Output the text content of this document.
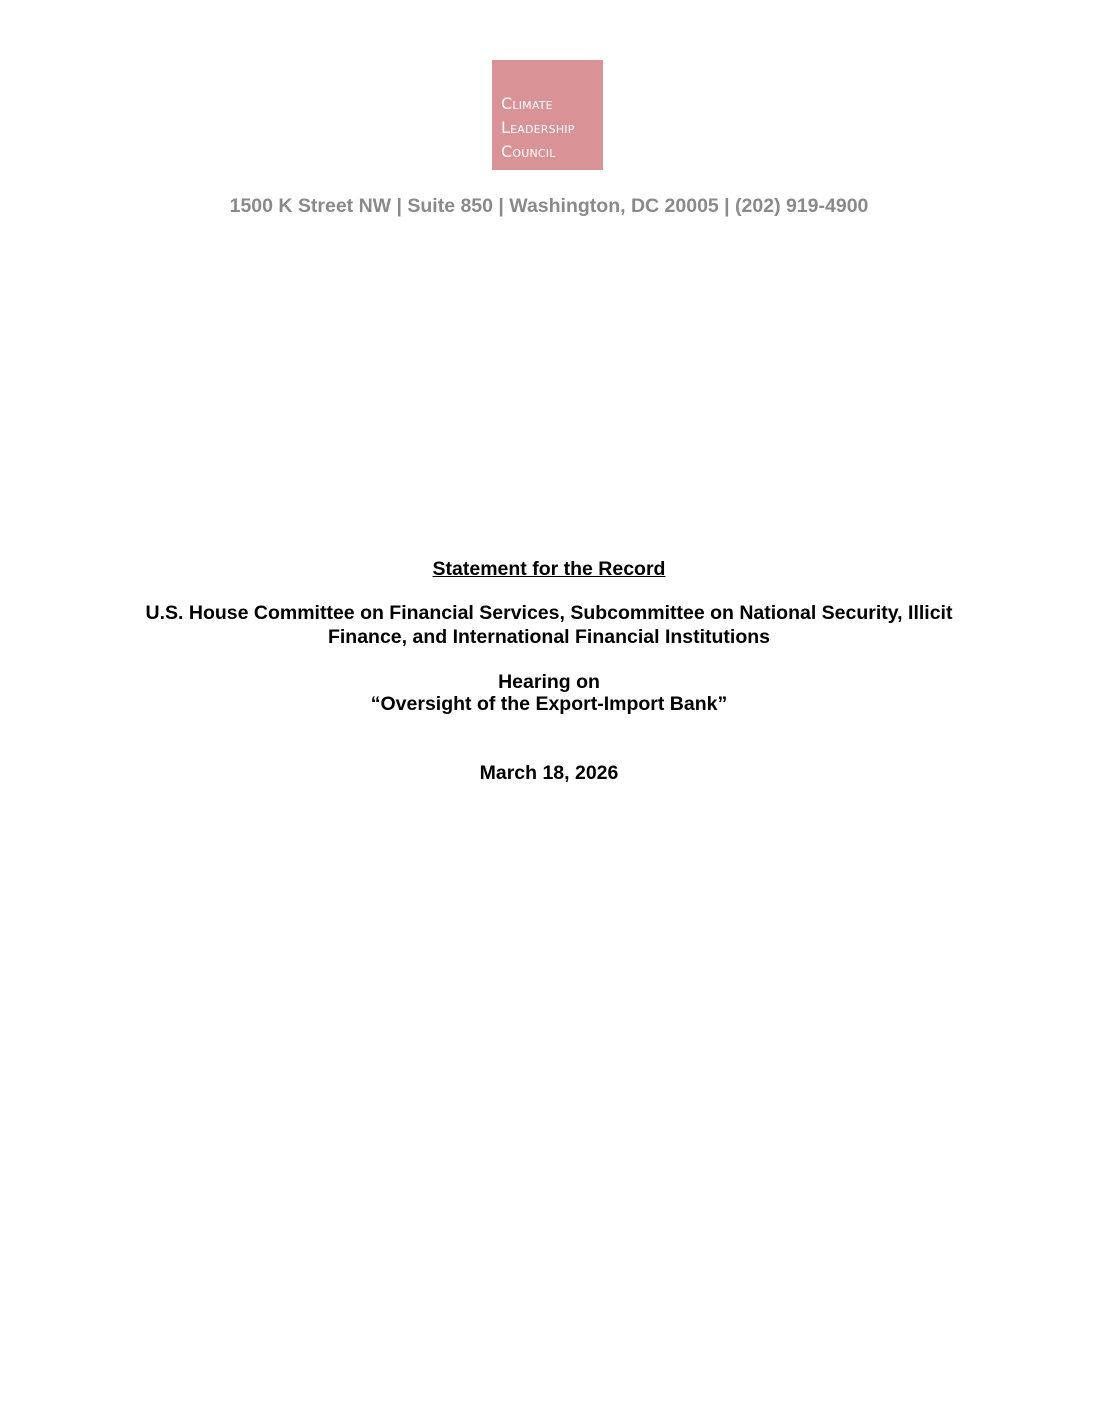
Climate
Leadership
Council
1500 K Street NW | Suite 850 | Washington, DC 20005 | (202) 919-4900
Statement for the Record
U.S. House Committee on Financial Services, Subcommittee on National Security, Illicit
Finance, and International Financial Institutions
Hearing on
“Oversight of the Export-Import Bank”
March 18, 2026
